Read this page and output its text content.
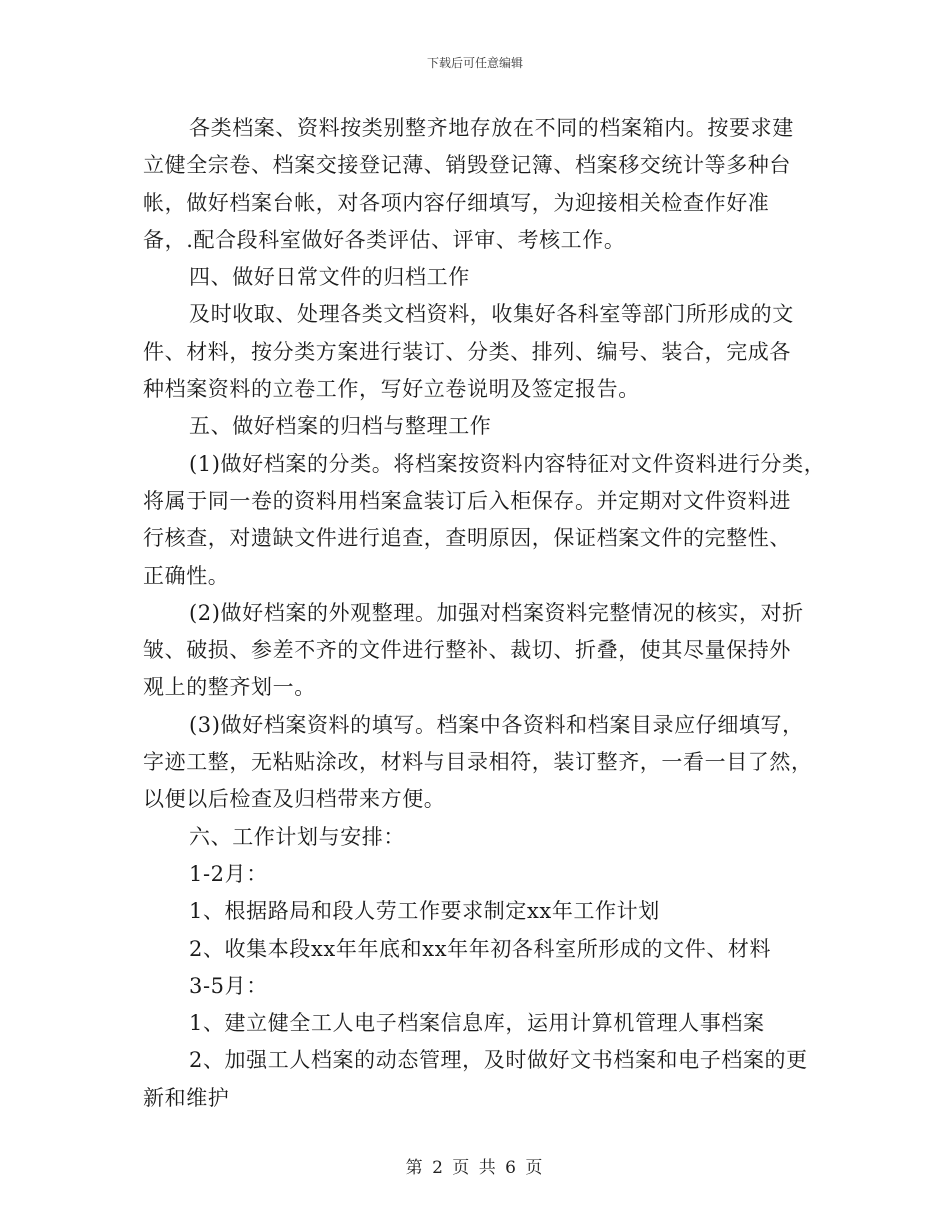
下载后可任意编辑

各类档案、资料按类别整齐地存放在不同的档案箱内。按要求建

立健全宗卷、档案交接登记薄、销毁登记簿、档案移交统计等多种台

帐，做好档案台帐，对各项内容仔细填写，为迎接相关检查作好准

备，.配合段科室做好各类评估、评审、考核工作。

四、做好日常文件的归档工作

及时收取、处理各类文档资料，收集好各科室等部门所形成的文

件、材料，按分类方案进行装订、分类、排列、编号、装合，完成各

种档案资料的立卷工作，写好立卷说明及签定报告。

五、做好档案的归档与整理工作

(1)做好档案的分类。将档案按资料内容特征对文件资料进行分类，

将属于同一卷的资料用档案盒装订后入柜保存。并定期对文件资料进

行核查，对遗缺文件进行追查，查明原因，保证档案文件的完整性、

正确性。

(2)做好档案的外观整理。加强对档案资料完整情况的核实，对折

皱、破损、参差不齐的文件进行整补、裁切、折叠，使其尽量保持外

观上的整齐划一。

(3)做好档案资料的填写。档案中各资料和档案目录应仔细填写，

字迹工整，无粘贴涂改，材料与目录相符，装订整齐，一看一目了然，

以便以后检查及归档带来方便。

六、工作计划与安排：

1-2月：

1、根据路局和段人劳工作要求制定xx年工作计划

2、收集本段xx年年底和xx年年初各科室所形成的文件、材料

3-5月：

1、建立健全工人电子档案信息库，运用计算机管理人事档案

2、加强工人档案的动态管理，及时做好文书档案和电子档案的更

新和维护

第 2 页 共 6 页
